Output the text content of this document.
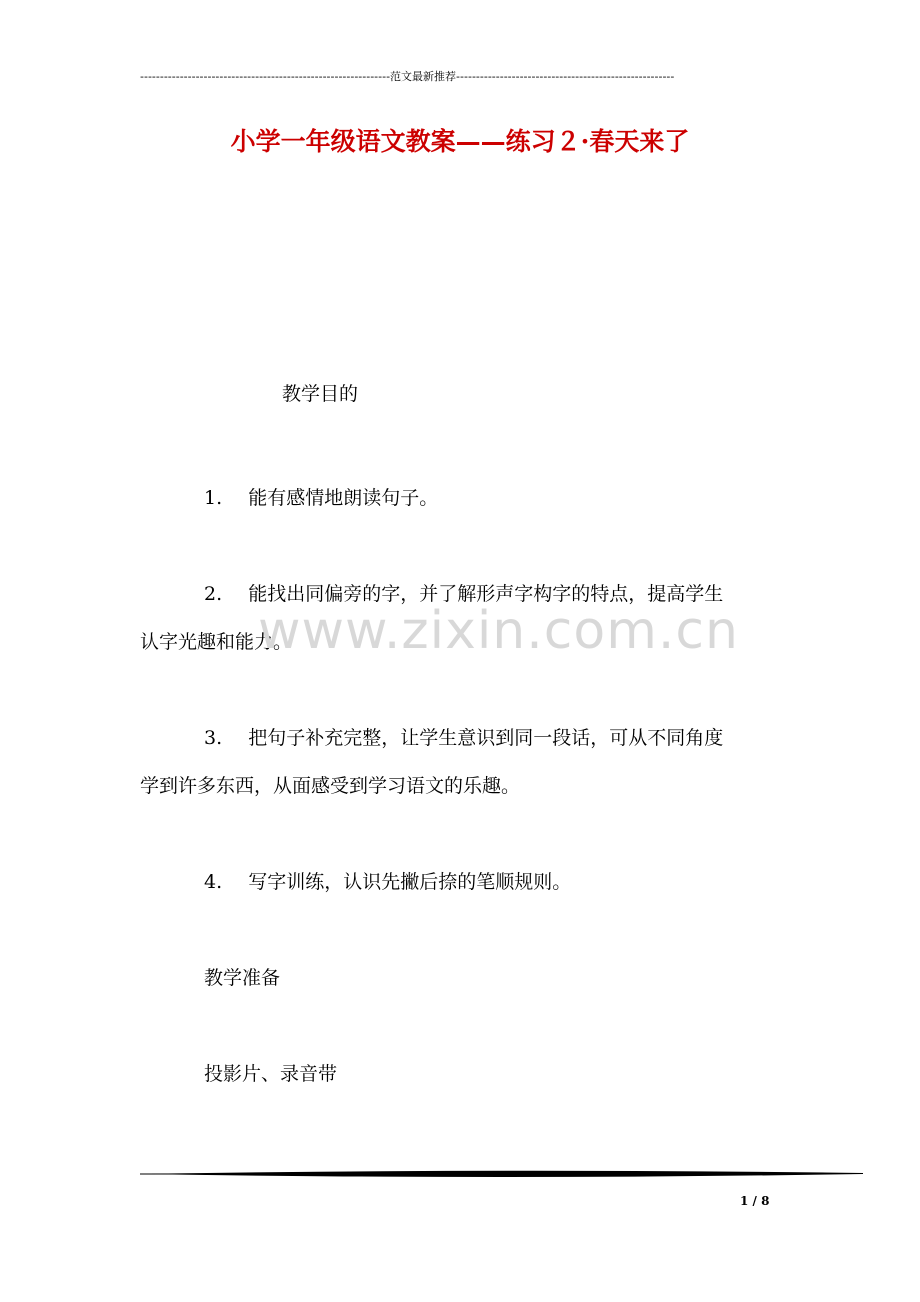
---------------------------------------------------------------范文最新推荐-------------------------------------------------------
小学一年级语文教案——练习２·春天来了
教学目的
1. 能有感情地朗读句子。
2. 能找出同偏旁的字，并了解形声字构字的特点，提高学生
认字光趣和能力。
3. 把句子补充完整，让学生意识到同一段话，可从不同角度
学到许多东西，从面感受到学习语文的乐趣。
4. 写字训练，认识先撇后捺的笔顺规则。
教学准备
投影片、录音带
www.zixin.com.cn
1 / 8
